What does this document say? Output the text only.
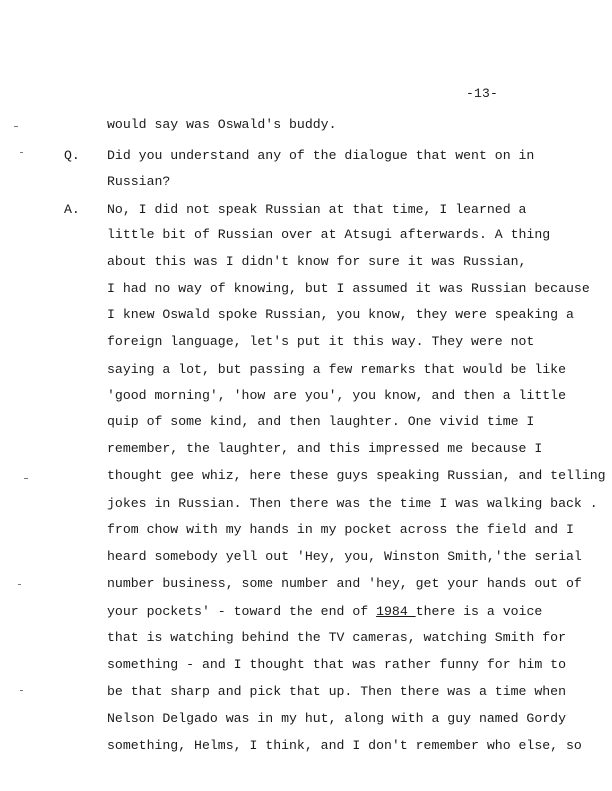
-13-
would say was Oswald's buddy.
Q. Did you understand any of the dialogue that went on in
Russian?
A. No, I did not speak Russian at that time, I learned a
little bit of Russian over at Atsugi afterwards. A thing
about this was I didn't know for sure it was Russian,
I had no way of knowing, but I assumed it was Russian because
I knew Oswald spoke Russian, you know, they were speaking a
foreign language, let's put it this way. They were not
saying a lot, but passing a few remarks that would be like
'good morning', 'how are you', you know, and then a little
quip of some kind, and then laughter. One vivid time I
remember, the laughter, and this impressed me because I
thought gee whiz, here these guys speaking Russian, and telling
jokes in Russian. Then there was the time I was walking back .
from chow with my hands in my pocket across the field and I
heard somebody yell out 'Hey, you, Winston Smith,'the serial
number business, some number and 'hey, get your hands out of
your pockets' - toward the end of 1984 there is a voice
that is watching behind the TV cameras, watching Smith for
something - and I thought that was rather funny for him to
be that sharp and pick that up. Then there was a time when
Nelson Delgado was in my hut, along with a guy named Gordy
something, Helms, I think, and I don't remember who else, so
